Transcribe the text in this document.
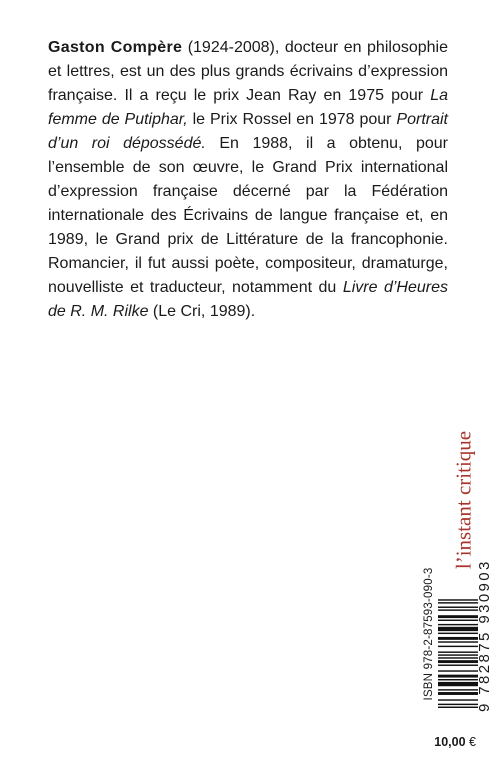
Gaston Compère (1924-2008), docteur en philosophie et lettres, est un des plus grands écrivains d’expression française. Il a reçu le prix Jean Ray en 1975 pour La femme de Putiphar, le Prix Rossel en 1978 pour Portrait d’un roi dépossédé. En 1988, il a obtenu, pour l’ensemble de son œuvre, le Grand Prix international d’expression française décerné par la Fédération internationale des Écrivains de langue française et, en 1989, le Grand prix de Littérature de la francophonie. Romancier, il fut aussi poète, compositeur, dramaturge, nouvelliste et traducteur, notamment du Livre d’Heures de R. M. Rilke (Le Cri, 1989).
l’instant critique
ISBN 978-2-87593-090-3	9 782875 930903
10,00 €
